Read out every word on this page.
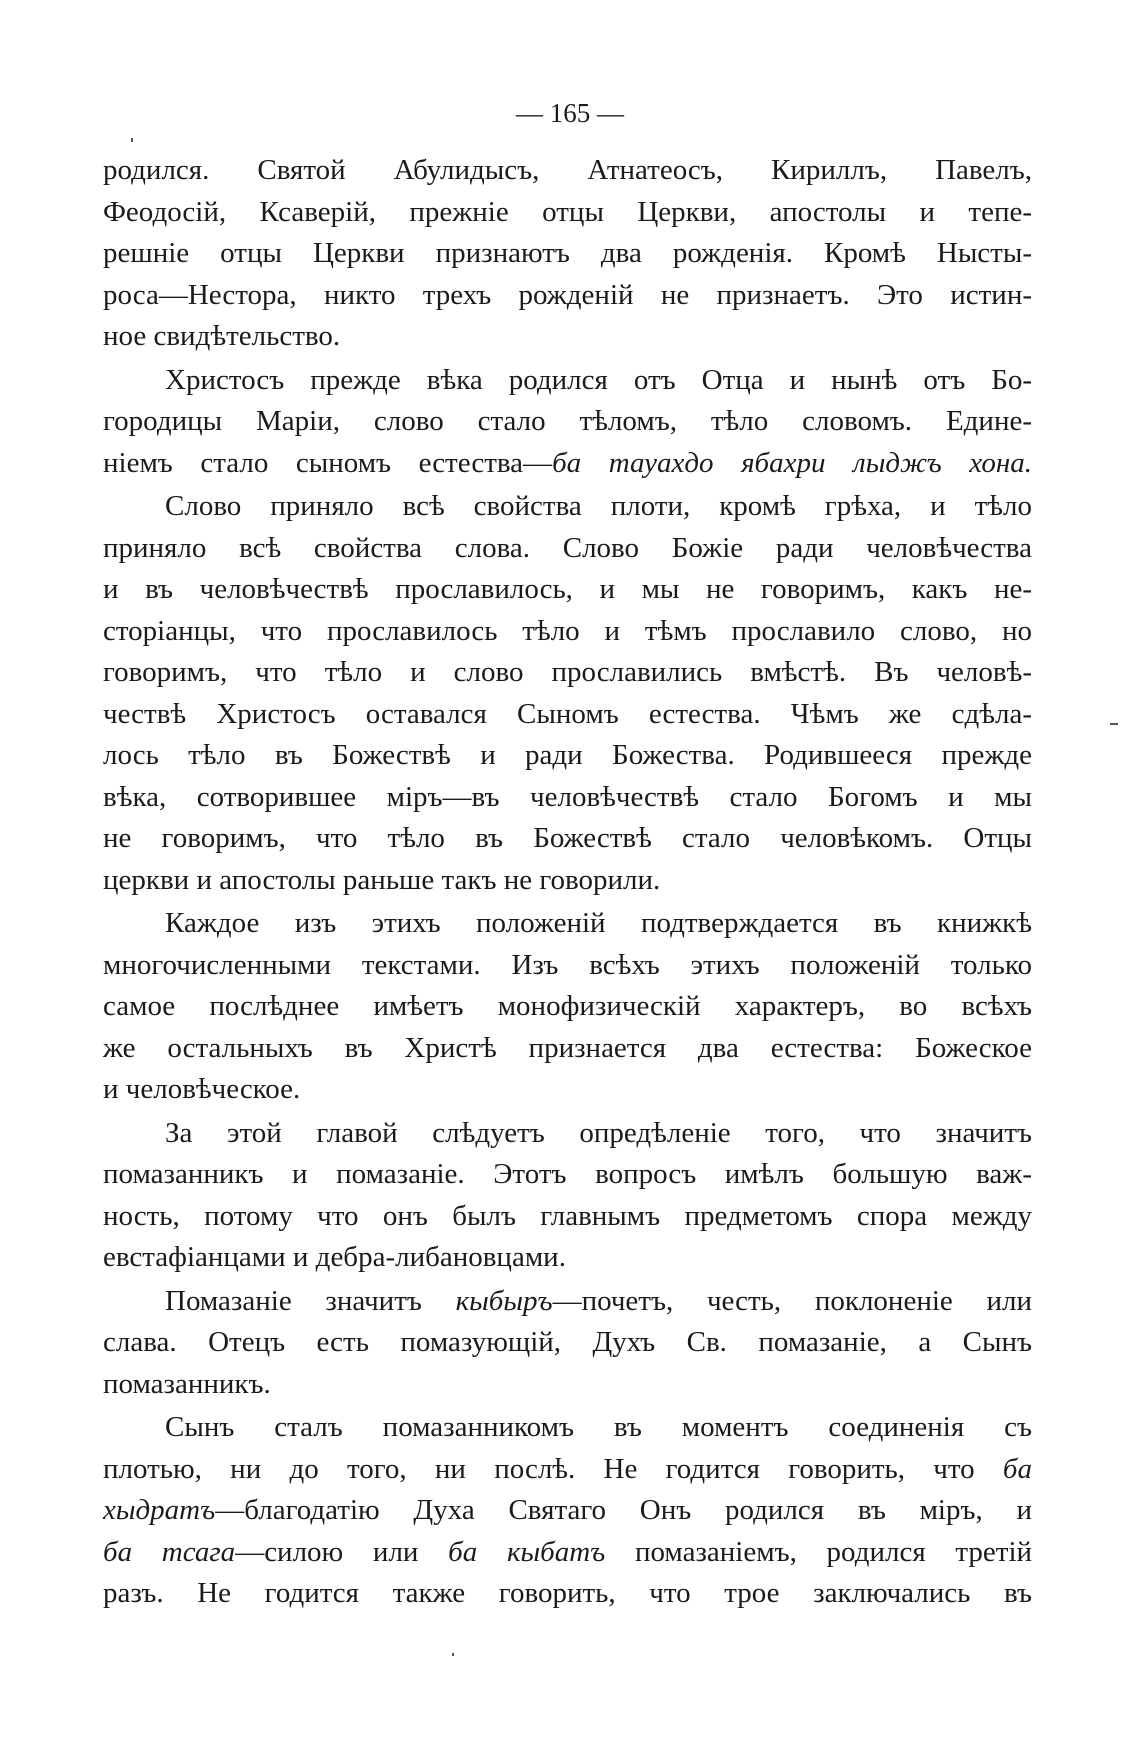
— 165 —
родился. Святой Абулидысъ, Атнатеосъ, Кириллъ, Павелъ,
Феодосій, Ксаверій, прежніе отцы Церкви, апостолы и тепе-
решніе отцы Церкви признаютъ два рожденія. Кромѣ Нысты-
роса—Нестора, никто трехъ рожденій не признаетъ. Это истин-
ное свидѣтельство.
Христосъ прежде вѣка родился отъ Отца и нынѣ отъ Бо-
городицы Маріи, слово стало тѣломъ, тѣло словомъ. Едине-
ніемъ стало сыномъ естества—ба тауахдо ябахри лыджъ хона.
Слово приняло всѣ свойства плоти, кромѣ грѣха, и тѣло
приняло всѣ свойства слова. Слово Божіе ради человѣчества
и въ человѣчествѣ прославилось, и мы не говоримъ, какъ не-
сторіанцы, что прославилось тѣло и тѣмъ прославило слово, но
говоримъ, что тѣло и слово прославились вмѣстѣ. Въ человѣ-
чествѣ Христосъ оставался Сыномъ естества. Чѣмъ же сдѣла-
лось тѣло въ Божествѣ и ради Божества. Родившееся прежде
вѣка, сотворившее міръ—въ человѣчествѣ стало Богомъ и мы
не говоримъ, что тѣло въ Божествѣ стало человѣкомъ. Отцы
церкви и апостолы раньше такъ не говорили.
Каждое изъ этихъ положеній подтверждается въ книжкѣ
многочисленными текстами. Изъ всѣхъ этихъ положеній только
самое послѣднее имѣетъ монофизическій характеръ, во всѣхъ
же остальныхъ въ Христѣ признается два естества: Божеское
и человѣческое.
За этой главой слѣдуетъ опредѣленіе того, что значитъ
помазанникъ и помазаніе. Этотъ вопросъ имѣлъ большую важ-
ность, потому что онъ былъ главнымъ предметомъ спора между
евстафіанцами и дебра-либановцами.
Помазаніе значитъ кыбыръ—почетъ, честь, поклоненіе или
слава. Отецъ есть помазующій, Духъ Св. помазаніе, а Сынъ
помазанникъ.
Сынъ сталъ помазанникомъ въ моментъ соединенія съ
плотью, ни до того, ни послѣ. Не годится говорить, что ба
хыдратъ—благодатію Духа Святаго Онъ родился въ міръ, и
ба тсага—силою или ба кыбатъ помазаніемъ, родился третій
разъ. Не годится также говорить, что трое заключались въ
